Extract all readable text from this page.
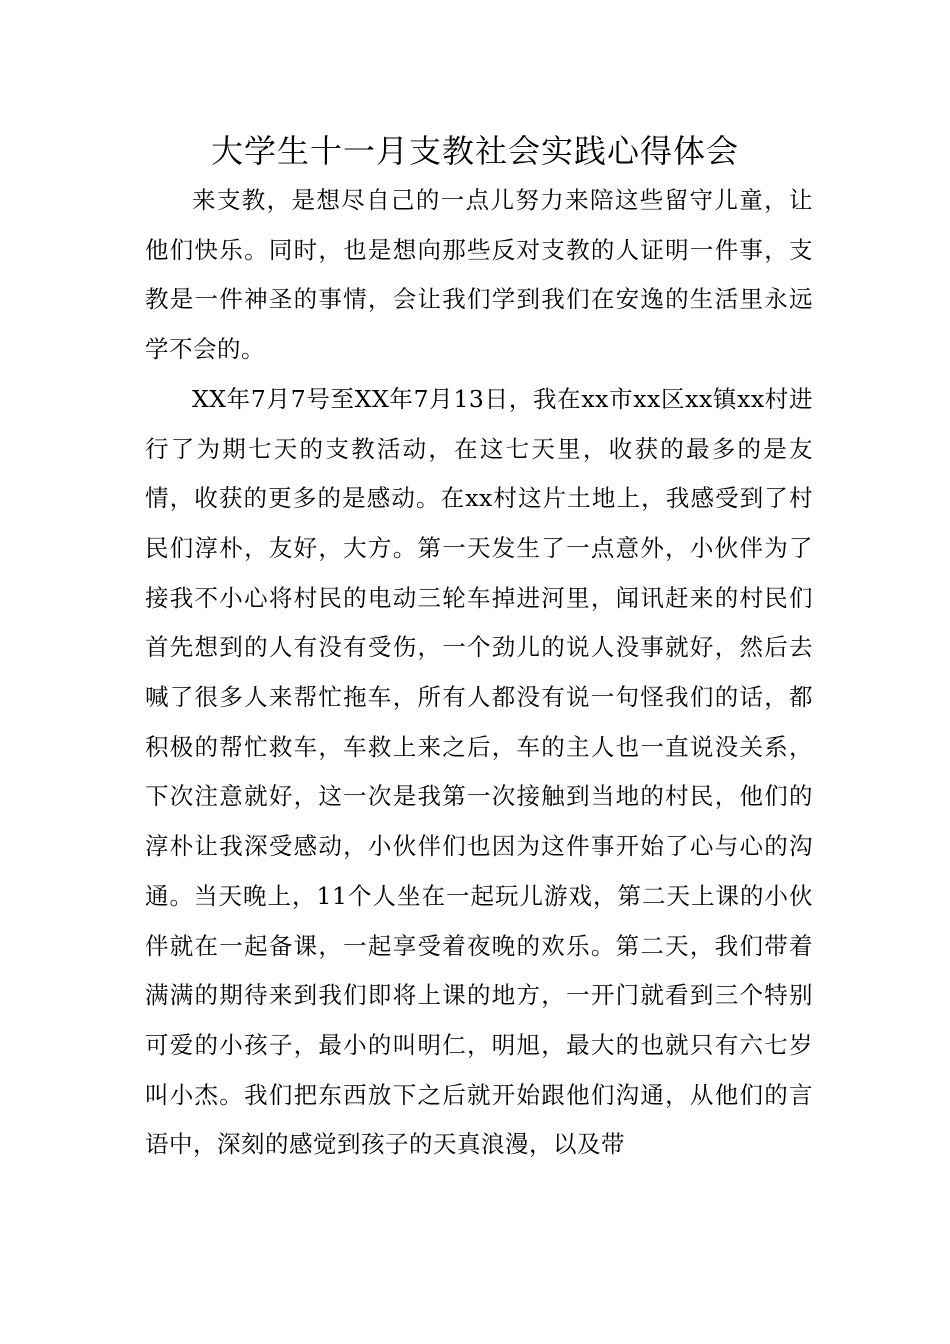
大学生十一月支教社会实践心得体会

来支教，是想尽自己的一点儿努力来陪这些留守儿童，让他们快乐。同时，也是想向那些反对支教的人证明一件事，支教是一件神圣的事情，会让我们学到我们在安逸的生活里永远学不会的。

XX年7月7号至XX年7月13日，我在xx市xx区xx镇xx村进行了为期七天的支教活动，在这七天里，收获的最多的是友情，收获的更多的是感动。在xx村这片土地上，我感受到了村民们淳朴，友好，大方。第一天发生了一点意外，小伙伴为了接我不小心将村民的电动三轮车掉进河里，闻讯赶来的村民们首先想到的人有没有受伤，一个劲儿的说人没事就好，然后去喊了很多人来帮忙拖车，所有人都没有说一句怪我们的话，都积极的帮忙救车，车救上来之后，车的主人也一直说没关系，下次注意就好，这一次是我第一次接触到当地的村民，他们的淳朴让我深受感动，小伙伴们也因为这件事开始了心与心的沟通。当天晚上，11个人坐在一起玩儿游戏，第二天上课的小伙伴就在一起备课，一起享受着夜晚的欢乐。第二天，我们带着满满的期待来到我们即将上课的地方，一开门就看到三个特别可爱的小孩子，最小的叫明仁，明旭，最大的也就只有六七岁叫小杰。我们把东西放下之后就开始跟他们沟通，从他们的言语中，深刻的感觉到孩子的天真浪漫，以及带
